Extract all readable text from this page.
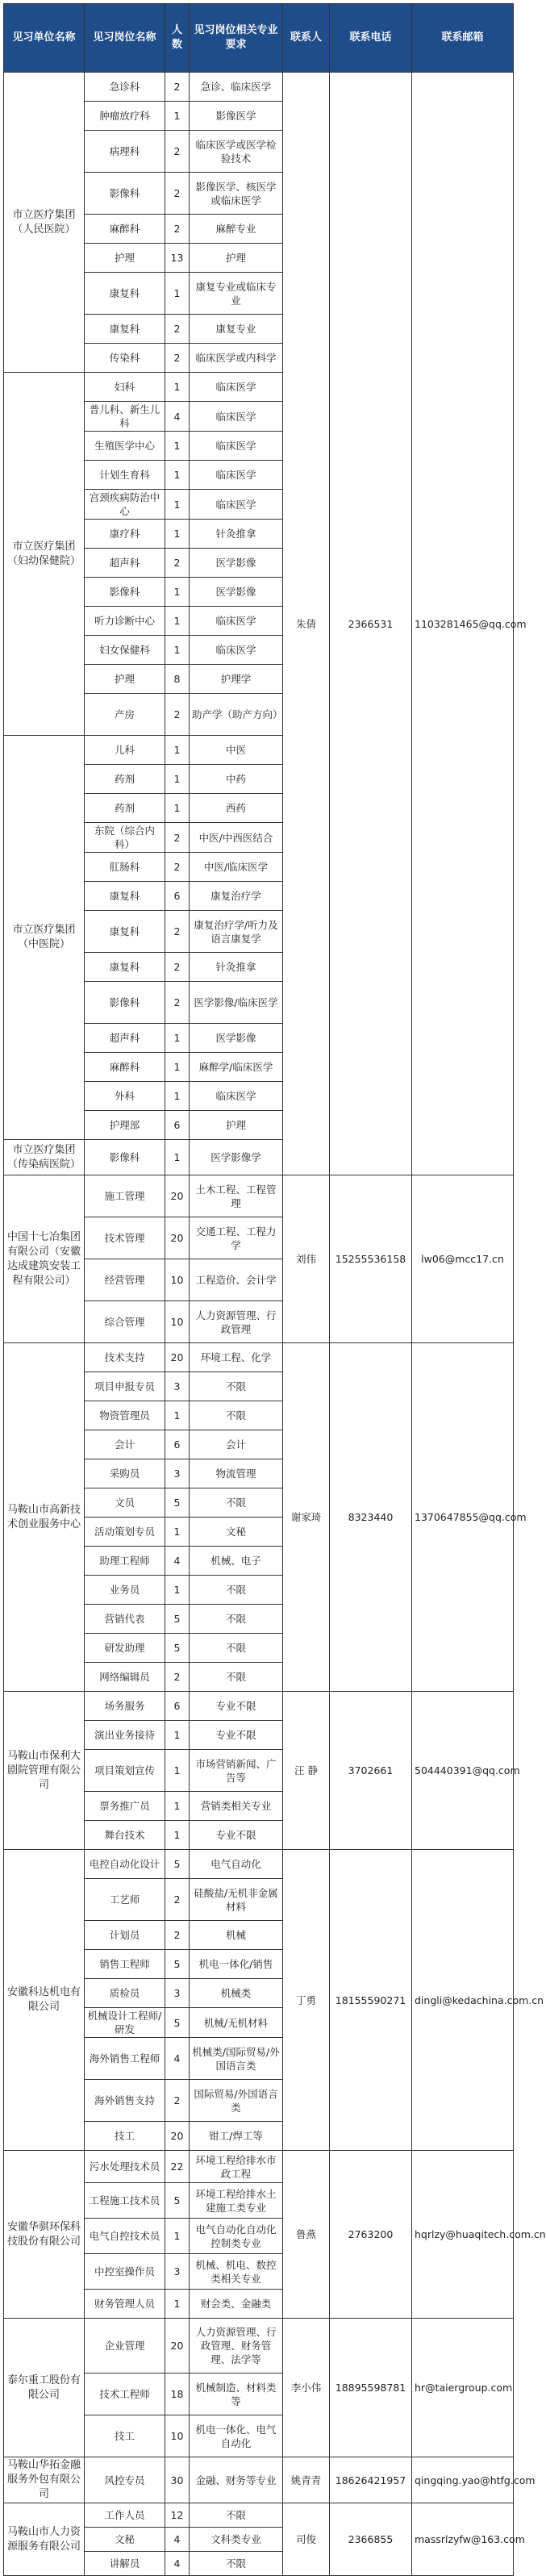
见习单位名称	见习岗位名称	人数	见习岗位相关专业要求	联系人	联系电话	联系邮箱
市立医疗集团（人民医院）	急诊科	2	急诊、临床医学	朱倩	2366531	1103281465@qq.com
	肿瘤放疗科	1	影像医学			
	病理科	2	临床医学或医学检验技术			
	影像科	2	影像医学、核医学或临床医学			
	麻醉科	2	麻醉专业			
	护理	13	护理			
	康复科	1	康复专业或临床专业			
	康复科	2	康复专业			
	传染科	2	临床医学或内科学			
市立医疗集团（妇幼保健院）	妇科	1	临床医学			
	普儿科、新生儿科	4	临床医学			
	生殖医学中心	1	临床医学			
	计划生育科	1	临床医学			
	宫颈疾病防治中心	1	临床医学			
	康疗科	1	针灸推拿			
	超声科	2	医学影像			
	影像科	1	医学影像			
	听力诊断中心	1	临床医学			
	妇女保健科	1	临床医学			
	护理	8	护理学			
	产房	2	助产学（助产方向）			
市立医疗集团（中医院）	儿科	1	中医			
	药剂	1	中药			
	药剂	1	西药			
	东院（综合内科）	2	中医/中西医结合			
	肛肠科	2	中医/临床医学			
	康复科	6	康复治疗学			
	康复科	2	康复治疗学/听力及语言康复学			
	康复科	2	针灸推拿			
	影像科	2	医学影像/临床医学			
	超声科	1	医学影像			
	麻醉科	1	麻醉学/临床医学			
	外科	1	临床医学			
	护理部	6	护理			
市立医疗集团（传染病医院）	影像科	1	医学影像学			
中国十七冶集团有限公司（安徽达成建筑安装工程有限公司）	施工管理	20	土木工程、工程管理	刘伟	15255536158	lw06@mcc17.cn
	技术管理	20	交通工程、工程力学			
	经营管理	10	工程造价、会计学			
	综合管理	10	人力资源管理、行政管理			
马鞍山市高新技术创业服务中心	技术支持	20	环境工程、化学	谢家琦	8323440	1370647855@qq.com
	项目申报专员	3	不限			
	物资管理员	1	不限			
	会计	6	会计			
	采购员	3	物流管理			
	文员	5	不限			
	活动策划专员	1	文秘			
	助理工程师	4	机械、电子			
	业务员	1	不限			
	营销代表	5	不限			
	研发助理	5	不限			
	网络编辑员	2	不限			
马鞍山市保利大剧院管理有限公司	场务服务	6	专业不限	汪 静	3702661	504440391@qq.com
	演出业务接待	1	专业不限			
	项目策划宣传	1	市场营销新闻、广告等			
	票务推广员	1	营销类相关专业			
	舞台技术	1	专业不限			
安徽科达机电有限公司	电控自动化设计	5	电气自动化	丁勇	18155590271	dingli@kedachina.com.cn
	工艺师	2	硅酸盐/无机非金属材料			
	计划员	2	机械			
	销售工程师	5	机电一体化/销售			
	质检员	3	机械类			
	机械设计工程师/研发	5	机械/无机材料			
	海外销售工程师	4	机械类/国际贸易/外国语言类			
	海外销售支持	2	国际贸易/外国语言类			
	技工	20	钳工/焊工等			
安徽华骐环保科技股份有限公司	污水处理技术员	22	环境工程给排水市政工程	鲁燕	2763200	hqrlzy@huaqitech.com.cn
	工程施工技术员	5	环境工程给排水土建施工类专业			
	电气自控技术员	1	电气自动化自动化控制类专业			
	中控室操作员	3	机械、机电、数控类相关专业			
	财务管理人员	1	财会类、金融类			
泰尔重工股份有限公司	企业管理	20	人力资源管理、行政管理、财务管理、法学等	李小伟	18895598781	hr@taiergroup.com
	技术工程师	18	机械制造、材料类等			
	技工	10	机电一体化、电气自动化			
马鞍山华拓金融服务外包有限公司	风控专员	30	金融、财务等专业	姚青青	18626421957	qingqing.yao@htfg.com
马鞍山市人力资源服务有限公司	工作人员	12	不限	司俊	2366855	massrlzyfw@163.com
	文秘	4	文科类专业			
	讲解员	4	不限			
